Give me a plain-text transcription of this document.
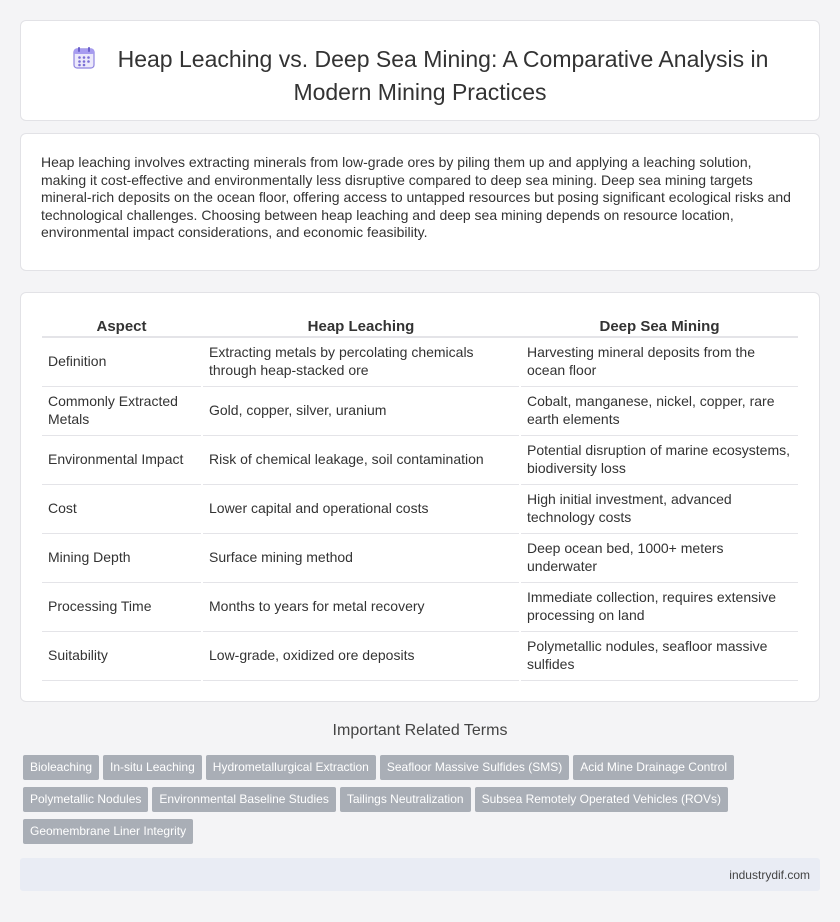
Heap Leaching vs. Deep Sea Mining: A Comparative Analysis in
Modern Mining Practices

Heap leaching involves extracting minerals from low-grade ores by piling them up and applying a leaching solution, making it cost-effective and environmentally less disruptive compared to deep sea mining. Deep sea mining targets mineral-rich deposits on the ocean floor, offering access to untapped resources but posing significant ecological risks and technological challenges. Choosing between heap leaching and deep sea mining depends on resource location, environmental impact considerations, and economic feasibility.

Aspect	Heap Leaching	Deep Sea Mining
Definition	Extracting metals by percolating chemicals through heap-stacked ore	Harvesting mineral deposits from the ocean floor
Commonly Extracted Metals	Gold, copper, silver, uranium	Cobalt, manganese, nickel, copper, rare earth elements
Environmental Impact	Risk of chemical leakage, soil contamination	Potential disruption of marine ecosystems, biodiversity loss
Cost	Lower capital and operational costs	High initial investment, advanced technology costs
Mining Depth	Surface mining method	Deep ocean bed, 1000+ meters underwater
Processing Time	Months to years for metal recovery	Immediate collection, requires extensive processing on land
Suitability	Low-grade, oxidized ore deposits	Polymetallic nodules, seafloor massive sulfides
Important Related Terms
Bioleaching In-situ Leaching Hydrometallurgical Extraction Seafloor Massive Sulfides (SMS) Acid Mine Drainage Control
Polymetallic Nodules Environmental Baseline Studies Tailings Neutralization Subsea Remotely Operated Vehicles (ROVs)
Geomembrane Liner Integrity
industrydif.com
